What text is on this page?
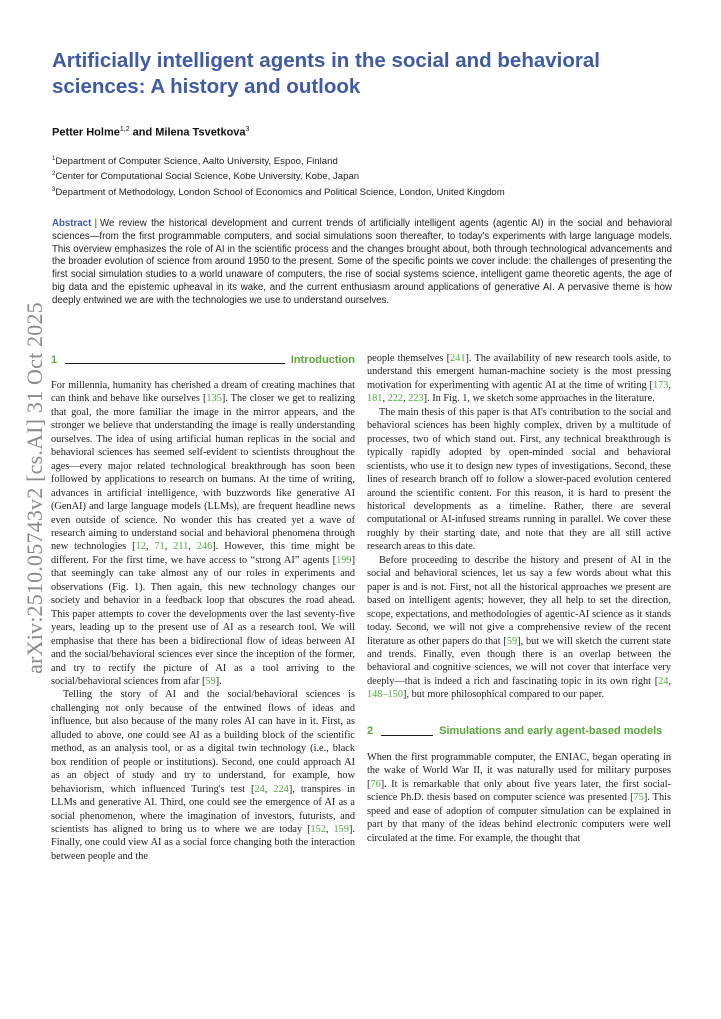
arXiv:2510.05743v2 [cs.AI] 31 Oct 2025
Artificially intelligent agents in the social and behavioral sciences: A history and outlook
Petter Holme$^{1,2}$ and Milena Tsvetkova$^3$
$^1$Department of Computer Science, Aalto University, Espoo, Finland
$^2$Center for Computational Social Science, Kobe University, Kobe, Japan
$^3$Department of Methodology, London School of Economics and Political Science, London, United Kingdom

Abstract | We review the historical development and current trends of artificially intelligent agents (agentic AI) in the social and behavioral sciences—from the first programmable computers, and social simulations soon thereafter, to today's experiments with large language models. This overview emphasizes the role of AI in the scientific process and the changes brought about, both through technological advancements and the broader evolution of science from around 1950 to the present. Some of the specific points we cover include: the challenges of presenting the first social simulation studies to a world unaware of computers, the rise of social systems science, intelligent game theoretic agents, the age of big data and the epistemic upheaval in its wake, and the current enthusiasm around applications of generative AI. A pervasive theme is how deeply entwined we are with the technologies we use to understand ourselves.

1	Introduction

For millennia, humanity has cherished a dream of creating machines that can think and behave like ourselves [135]. The closer we get to realizing that goal, the more familiar the image in the mirror appears, and the stronger we believe that understanding the image is really understanding ourselves. The idea of using artificial human replicas in the social and behavioral sciences has seemed self-evident to scientists throughout the ages—every major related technological breakthrough has soon been followed by applications to research on humans. At the time of writing, advances in artificial intelligence, with buzzwords like generative AI (GenAI) and large language models (LLMs), are frequent headline news even outside of science. No wonder this has created yet a wave of research aiming to understand social and behavioral phenomena through new technologies [12, 71, 211, 246]. However, this time might be different. For the first time, we have access to “strong AI” agents [199] that seemingly can take almost any of our roles in experiments and observations (Fig. 1). Then again, this new technology changes our society and behavior in a feedback loop that obscures the road ahead. This paper attempts to cover the developments over the last seventy-five years, leading up to the present use of AI as a research tool. We will emphasise that there has been a bidirectional flow of ideas between AI and the social/behavioral sciences ever since the inception of the former, and try to rectify the picture of AI as a tool arriving to the social/behavioral sciences from afar [59].

Telling the story of AI and the social/behavioral sciences is challenging not only because of the entwined flows of ideas and influence, but also because of the many roles AI can have in it. First, as alluded to above, one could see AI as a building block of the scientific method, as an analysis tool, or as a digital twin technology (i.e., black box rendition of people or institutions). Second, one could approach AI as an object of study and try to understand, for example, how behaviorism, which influenced Turing's test [24, 224], transpires in LLMs and generative AI. Third, one could see the emergence of AI as a social phenomenon, where the imagination of investors, futurists, and scientists has aligned to bring us to where we are today [152, 159]. Finally, one could view AI as a social force changing both the interaction between people and the

people themselves [241]. The availability of new research tools aside, to understand this emergent human-machine society is the most pressing motivation for experimenting with agentic AI at the time of writing [173, 181, 222, 223]. In Fig. 1, we sketch some approaches in the literature.

The main thesis of this paper is that AI's contribution to the social and behavioral sciences has been highly complex, driven by a multitude of processes, two of which stand out. First, any technical breakthrough is typically rapidly adopted by open-minded social and behavioral scientists, who use it to design new types of investigations. Second, these lines of research branch off to follow a slower-paced evolution centered around the scientific content. For this reason, it is hard to present the historical developments as a timeline. Rather, there are several computational or AI-infused streams running in parallel. We cover these roughly by their starting date, and note that they are all still active research areas to this date.

Before proceeding to describe the history and present of AI in the social and behavioral sciences, let us say a few words about what this paper is and is not. First, not all the historical approaches we present are based on intelligent agents; however, they all help to set the direction, scope, expectations, and methodologies of agentic-AI science as it stands today. Second, we will not give a comprehensive review of the recent literature as other papers do that [59], but we will sketch the current state and trends. Finally, even though there is an overlap between the behavioral and cognitive sciences, we will not cover that interface very deeply—that is indeed a rich and fascinating topic in its own right [24, 148–150], but more philosophical compared to our paper.

2	Simulations and early agent-based models

When the first programmable computer, the ENIAC, began operating in the wake of World War II, it was naturally used for military purposes [76]. It is remarkable that only about five years later, the first social-science Ph.D. thesis based on computer science was presented [75]. This speed and ease of adoption of computer simulation can be explained in part by that many of the ideas behind electronic computers were well circulated at the time. For example, the thought that
